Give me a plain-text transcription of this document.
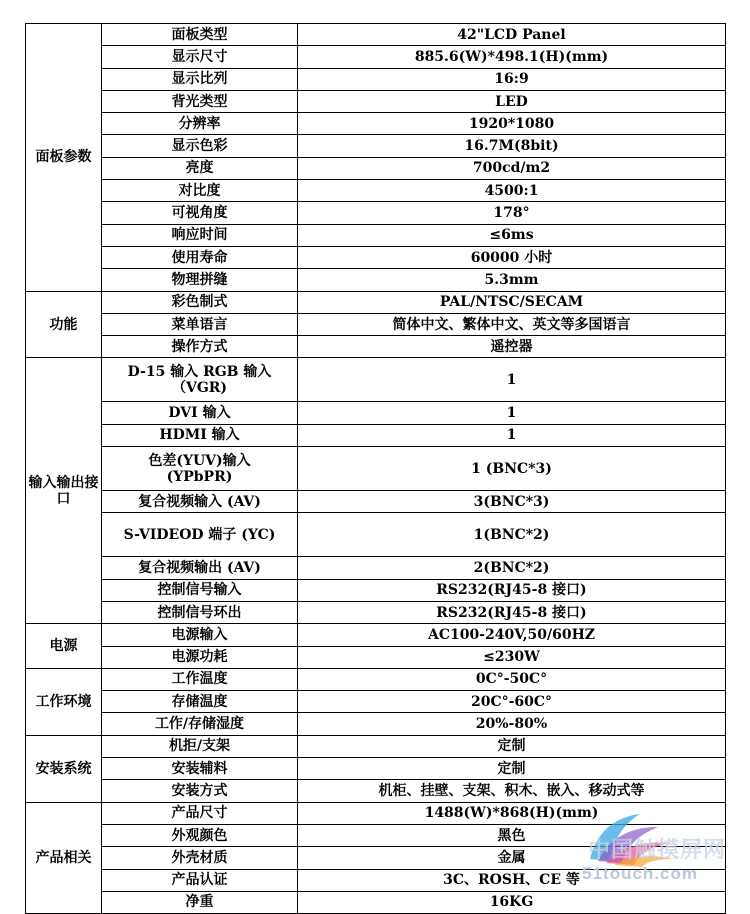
面板参数	面板类型	42"LCD Panel
	显示尺寸	885.6(W)*498.1(H)(mm)
	显示比列	16:9
	背光类型	LED
	分辨率	1920*1080
	显示色彩	16.7M(8bit)
	亮度	700cd/m2
	对比度	4500:1
	可视角度	178°
	响应时间	≤6ms
	使用寿命	60000 小时
	物理拼缝	5.3mm
功能	彩色制式	PAL/NTSC/SECAM
	菜单语言	简体中文、繁体中文、英文等多国语言
	操作方式	遥控器
输入输出接口	D-15 输入 RGB 输入（VGR)	1
	DVI 输入	1
	HDMI 输入	1
	色差(YUV)输入 (YPbPR)	1 (BNC*3)
	复合视频输入 (AV)	3(BNC*3)
	S-VIDEOD 端子 (YC)	1(BNC*2)
	复合视频输出 (AV)	2(BNC*2)
	控制信号输入	RS232(RJ45-8 接口)
	控制信号环出	RS232(RJ45-8 接口)
电源	电源输入	AC100-240V,50/60HZ
	电源功耗	≤230W
工作环境	工作温度	0C°-50C°
	存储温度	20C°-60C°
	工作/存储湿度	20%-80%
安装系统	机拒/支架	定制
	安装辅料	定制
	安装方式	机柜、挂壁、支架、积木、嵌入、移动式等
产品相关	产品尺寸	1488(W)*868(H)(mm)
	外观颜色	黑色
	外壳材质	金属
	产品认证	3C、ROSH、CE 等
	净重	16KG
中国触摸屏网
51touch.com
